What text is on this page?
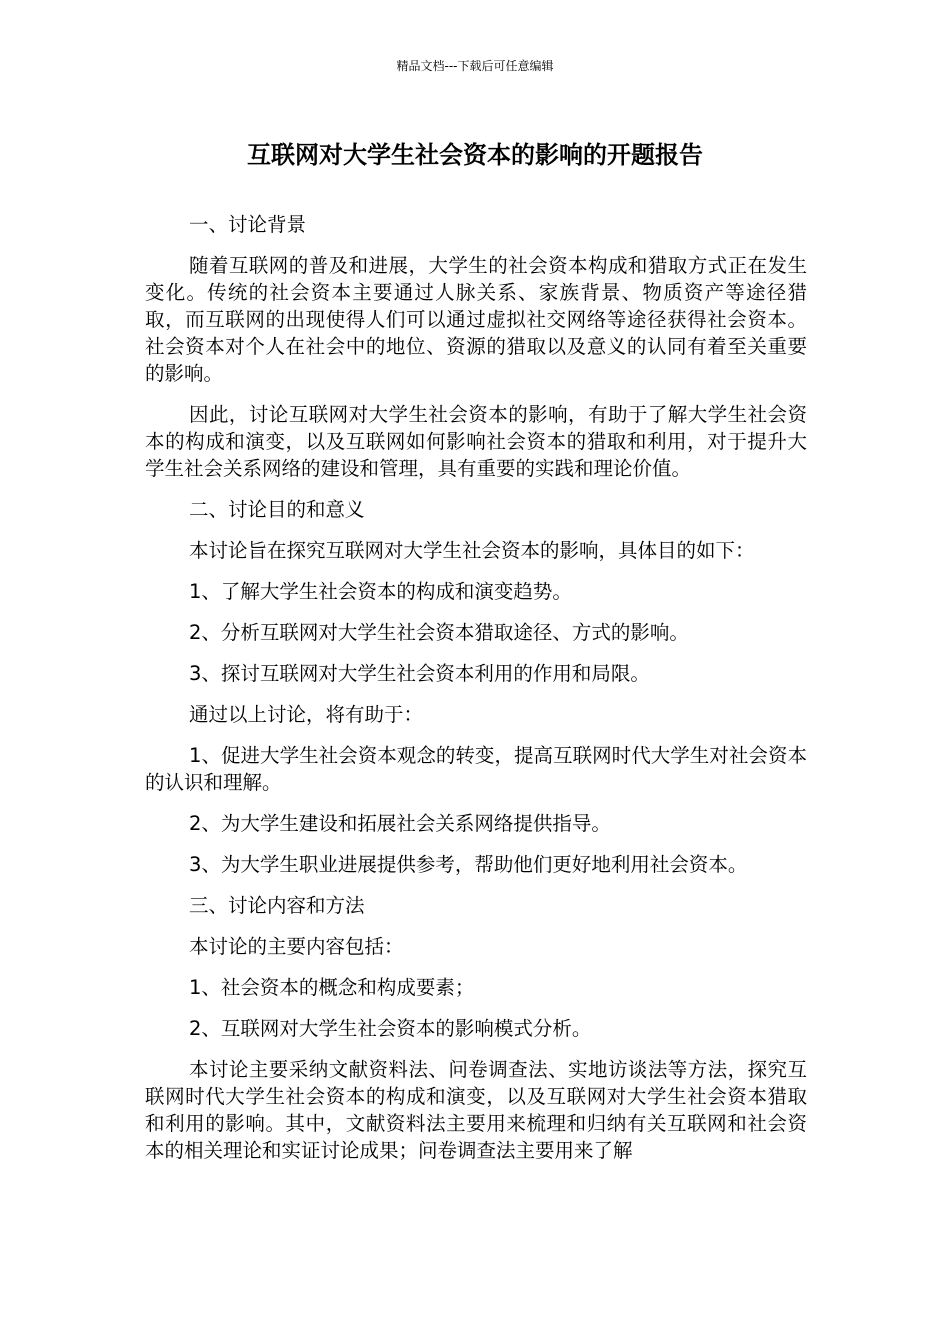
精品文档---下载后可任意编辑
互联网对大学生社会资本的影响的开题报告

一、讨论背景

随着互联网的普及和进展，大学生的社会资本构成和猎取方式正在发生变化。传统的社会资本主要通过人脉关系、家族背景、物质资产等途径猎取，而互联网的出现使得人们可以通过虚拟社交网络等途径获得社会资本。社会资本对个人在社会中的地位、资源的猎取以及意义的认同有着至关重要的影响。

因此，讨论互联网对大学生社会资本的影响，有助于了解大学生社会资本的构成和演变，以及互联网如何影响社会资本的猎取和利用，对于提升大学生社会关系网络的建设和管理，具有重要的实践和理论价值。

二、讨论目的和意义

本讨论旨在探究互联网对大学生社会资本的影响，具体目的如下：

1、了解大学生社会资本的构成和演变趋势。

2、分析互联网对大学生社会资本猎取途径、方式的影响。

3、探讨互联网对大学生社会资本利用的作用和局限。

通过以上讨论，将有助于：

1、促进大学生社会资本观念的转变，提高互联网时代大学生对社会资本的认识和理解。

2、为大学生建设和拓展社会关系网络提供指导。

3、为大学生职业进展提供参考，帮助他们更好地利用社会资本。

三、讨论内容和方法

本讨论的主要内容包括：

1、社会资本的概念和构成要素；

2、互联网对大学生社会资本的影响模式分析。

本讨论主要采纳文献资料法、问卷调查法、实地访谈法等方法，探究互联网时代大学生社会资本的构成和演变，以及互联网对大学生社会资本猎取和利用的影响。其中，文献资料法主要用来梳理和归纳有关互联网和社会资本的相关理论和实证讨论成果；问卷调查法主要用来了解
